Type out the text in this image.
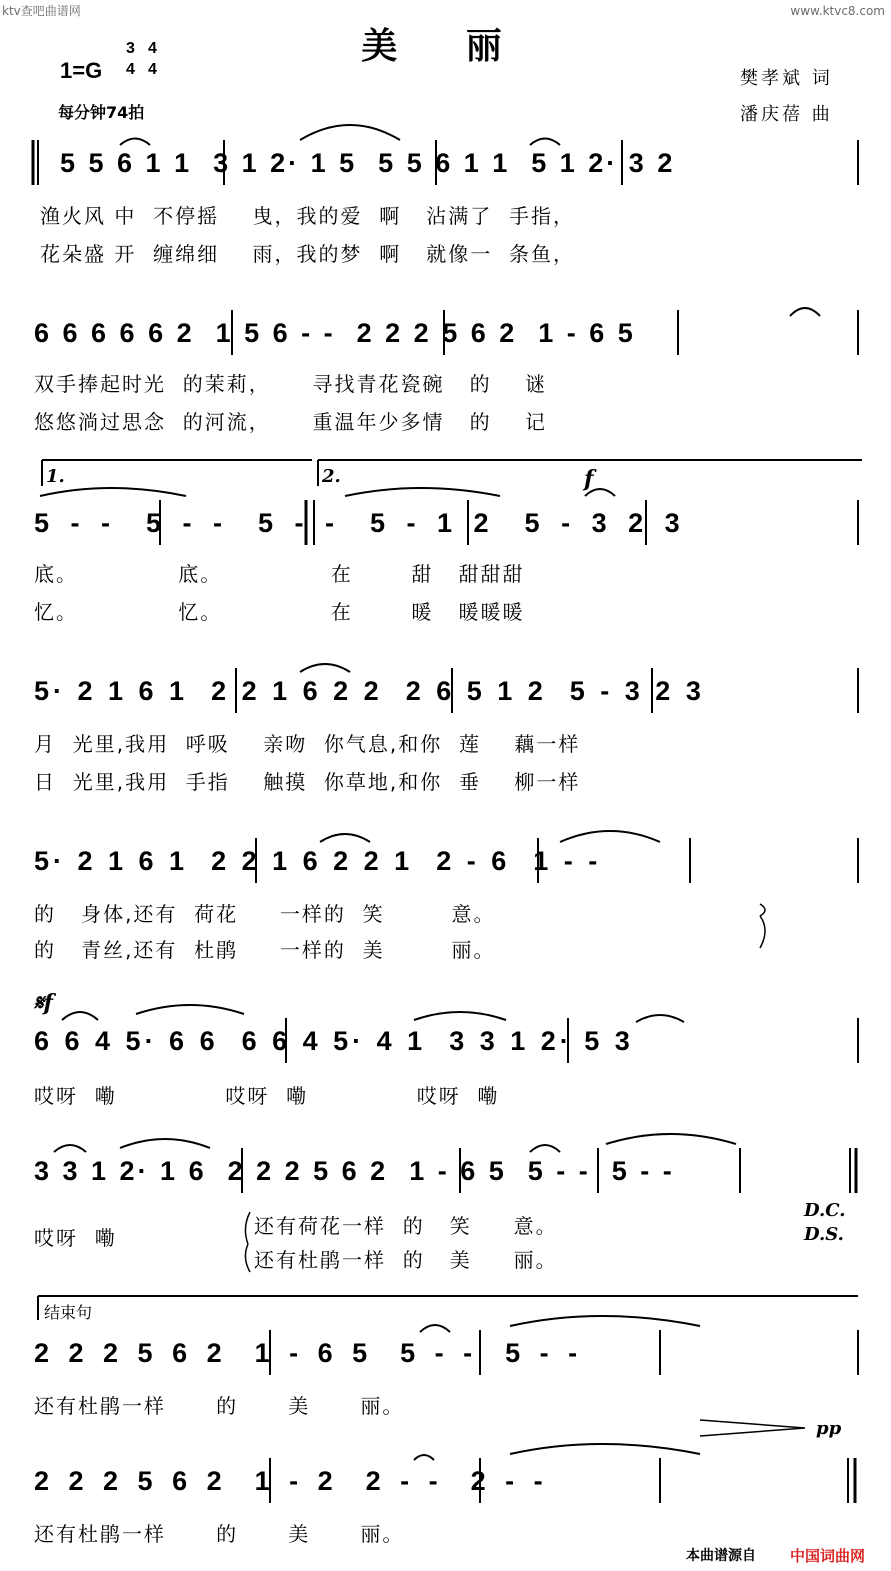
ktv查吧曲谱网	www.ktvc8.com
美 丽
1=G
3
4
4
4
每分钟74拍
樊孝斌 词
潘庆蓓 曲
5 5 6 1 1  3 1 2· 1 5  5 5 6 1 1  5 1 2· 3 2
渔火风 中  不停摇    曳，我的爱  啊   沾满了  手指，
花朵盛 开  缠绵细    雨，我的梦  啊   就像一  条鱼，
6 6 6 6 6 2  1 5 6 - -  2 2 2 5 6 2  1 - 6 5
双手捧起时光  的茉莉，     寻找青花瓷碗   的    谜
悠悠淌过思念  的河流，     重温年少多情   的    记
1.	2.	f
5 - -  5 - -  5 - -  5 - 1 2  5 - 3 2 3
底。            底。             在       甜   甜甜甜
忆。            忆。             在       暖   暖暖暖
5· 2 1 6 1  2 2 1 6 2 2  2 6 5 1 2  5 - 3 2 3
月  光里,我用  呼吸    亲吻  你气息,和你  莲    藕一样
日  光里,我用  手指    触摸  你草地,和你  垂    柳一样
5· 2 1 6 1  2 2 1 6 2 2 1  2 - 6  1 - -
的   身体,还有  荷花     一样的  笑        意。
的   青丝,还有  杜鹃     一样的  美        丽。
𝄋f
6 6 4 5· 6 6  6 6 4 5· 4 1  3 3 1 2· 5 3
哎呀  嘞             哎呀  嘞             哎呀  嘞
3 3 1 2· 1 6  2 2 2 5 6 2  1 - 6 5  5 - -  5 - -
哎呀  嘞	还有荷花一样  的   笑     意。
还有杜鹃一样  的   美     丽。
D.C.
D.S.
结束句
2 2 2 5 6 2  1 - 6 5  5 - -  5 - -
还有杜鹃一样      的      美      丽。
pp
2 2 2 5 6 2  1 - 2  2 - -  2 - -
还有杜鹃一样      的      美      丽。
本曲谱源自 中国词曲网
